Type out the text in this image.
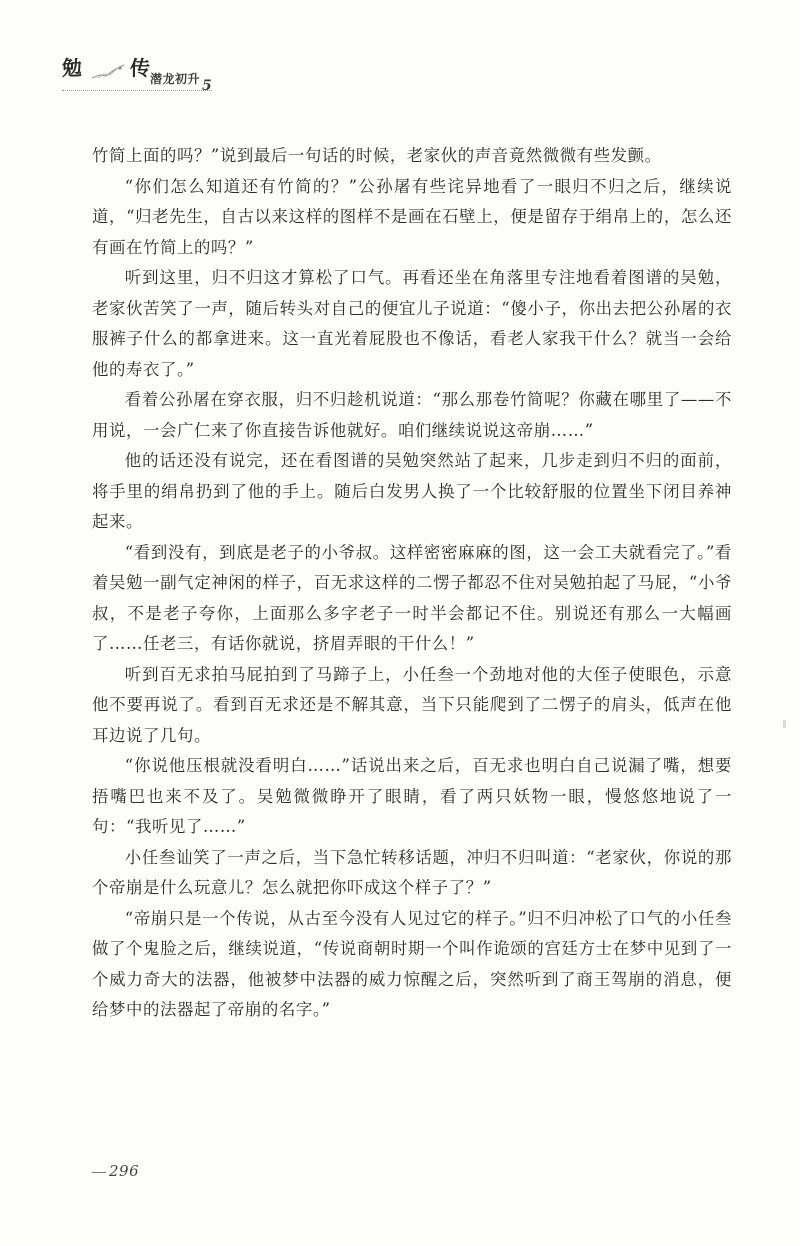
勉 传 潜龙初升 5

竹简上面的吗？”说到最后一句话的时候，老家伙的声音竟然微微有些发颤。

“你们怎么知道还有竹简的？”公孙屠有些诧异地看了一眼归不归之后，继续说道，“归老先生，自古以来这样的图样不是画在石壁上，便是留存于绢帛上的，怎么还有画在竹简上的吗？”

听到这里，归不归这才算松了口气。再看还坐在角落里专注地看着图谱的吴勉，老家伙苦笑了一声，随后转头对自己的便宜儿子说道：“傻小子，你出去把公孙屠的衣服裤子什么的都拿进来。这一直光着屁股也不像话，看老人家我干什么？就当一会给他的寿衣了。”

看着公孙屠在穿衣服，归不归趁机说道：“那么那卷竹简呢？你藏在哪里了——不用说，一会广仁来了你直接告诉他就好。咱们继续说说这帝崩……”

他的话还没有说完，还在看图谱的吴勉突然站了起来，几步走到归不归的面前，将手里的绢帛扔到了他的手上。随后白发男人换了一个比较舒服的位置坐下闭目养神起来。

“看到没有，到底是老子的小爷叔。这样密密麻麻的图，这一会工夫就看完了。”看着吴勉一副气定神闲的样子，百无求这样的二愣子都忍不住对吴勉拍起了马屁，“小爷叔，不是老子夸你，上面那么多字老子一时半会都记不住。别说还有那么一大幅画了……任老三，有话你就说，挤眉弄眼的干什么！”

听到百无求拍马屁拍到了马蹄子上，小任叁一个劲地对他的大侄子使眼色，示意他不要再说了。看到百无求还是不解其意，当下只能爬到了二愣子的肩头，低声在他耳边说了几句。

“你说他压根就没看明白……”话说出来之后，百无求也明白自己说漏了嘴，想要捂嘴巴也来不及了。吴勉微微睁开了眼睛，看了两只妖物一眼，慢悠悠地说了一句：“我听见了……”

小任叁讪笑了一声之后，当下急忙转移话题，冲归不归叫道：“老家伙，你说的那个帝崩是什么玩意儿？怎么就把你吓成这个样子了？”

“帝崩只是一个传说，从古至今没有人见过它的样子。”归不归冲松了口气的小任叁做了个鬼脸之后，继续说道，“传说商朝时期一个叫作诡颂的宫廷方士在梦中见到了一个威力奇大的法器，他被梦中法器的威力惊醒之后，突然听到了商王驾崩的消息，便给梦中的法器起了帝崩的名字。”

296
